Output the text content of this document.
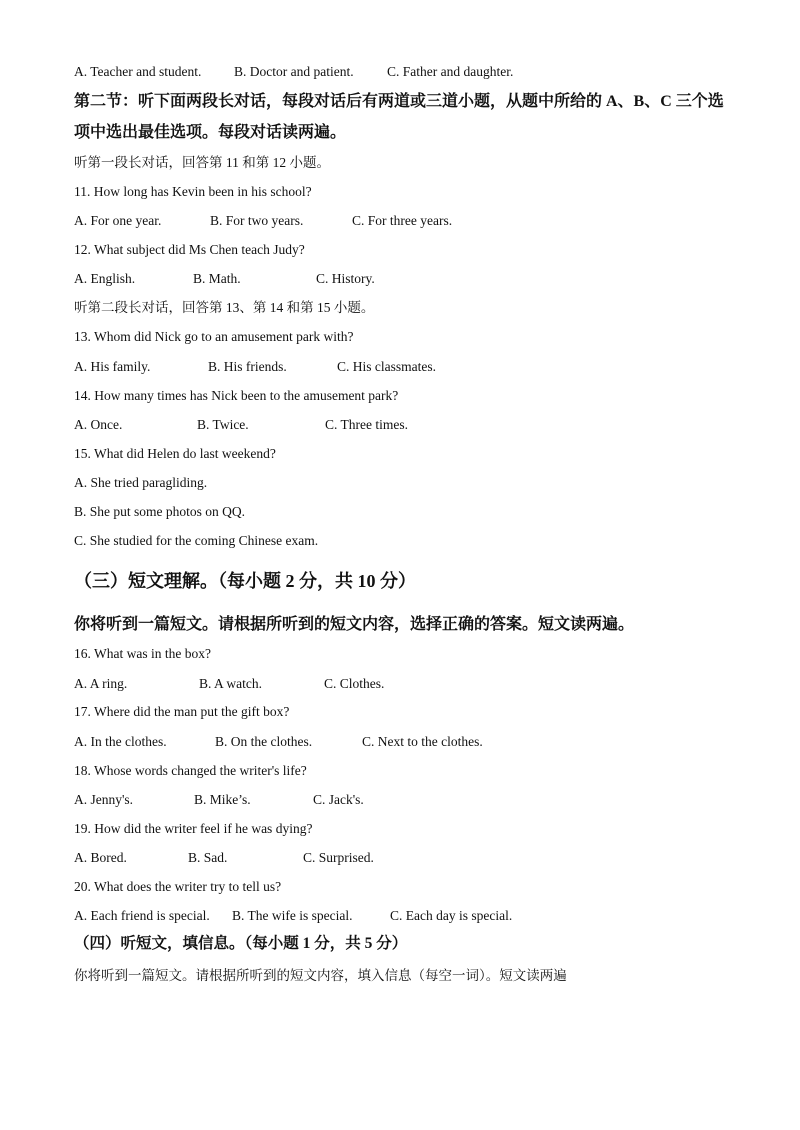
A. Teacher and student. B. Doctor and patient. C. Father and daughter.
第二节：听下面两段长对话，每段对话后有两道或三道小题，从题中所给的 A、B、C 三个选
项中选出最佳选项。每段对话读两遍。
听第一段长对话，回答第 11 和第 12 小题。
11. How long has Kevin been in his school?
A. For one year.	B. For two years.	C. For three years.
12. What subject did Ms Chen teach Judy?
A. English.	B. Math.	C. History.
听第二段长对话，回答第 13、第 14 和第 15 小题。
13. Whom did Nick go to an amusement park with?
A. His family.	B. His friends.	C. His classmates.
14. How many times has Nick been to the amusement park?
A. Once.	B. Twice.	C. Three times.
15. What did Helen do last weekend?
A. She tried paragliding.
B. She put some photos on QQ.
C. She studied for the coming Chinese exam.
（三）短文理解。（每小题 2 分，共 10 分）
你将听到一篇短文。请根据所听到的短文内容，选择正确的答案。短文读两遍。
16. What was in the box?
A. A ring.	B. A watch.	C. Clothes.
17. Where did the man put the gift box?
A. In the clothes.	B. On the clothes.	C. Next to the clothes.
18. Whose words changed the writer's life?
A. Jenny's.	B. Mike’s.	C. Jack's.
19. How did the writer feel if he was dying?
A. Bored.	B. Sad.	C. Surprised.
20. What does the writer try to tell us?
A. Each friend is special. B. The wife is special.	C. Each day is special.
（四）听短文，填信息。（每小题 1 分，共 5 分）
你将听到一篇短文。请根据所听到的短文内容，填入信息（每空一词）。短文读两遍
